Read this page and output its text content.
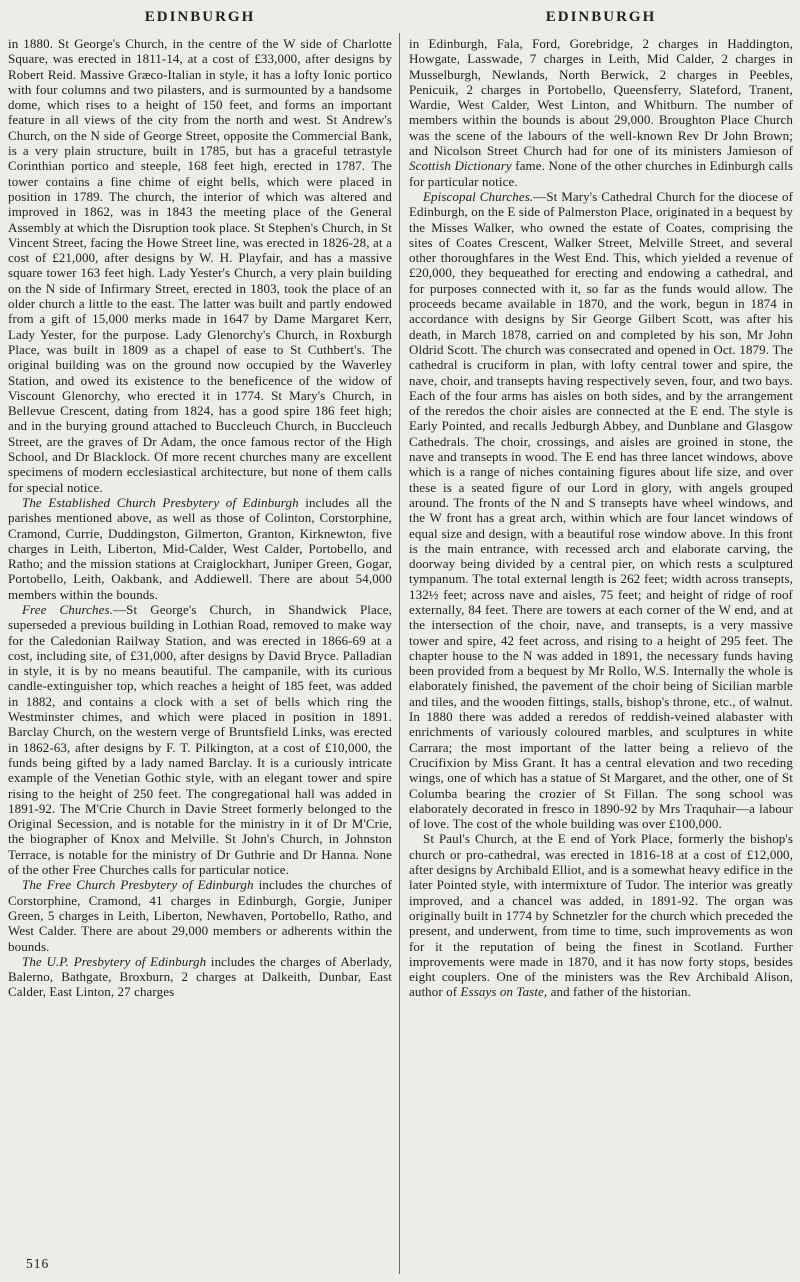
EDINBURGH	EDINBURGH

in 1880. St George's Church, in the centre of the W side of Charlotte Square, was erected in 1811-14, at a cost of £33,000, after designs by Robert Reid. Massive Græco-Italian in style, it has a lofty Ionic portico with four columns and two pilasters, and is surmounted by a handsome dome, which rises to a height of 150 feet, and forms an important feature in all views of the city from the north and west. St Andrew's Church, on the N side of George Street, opposite the Commercial Bank, is a very plain structure, built in 1785, but has a graceful tetrastyle Corinthian portico and steeple, 168 feet high, erected in 1787. The tower contains a fine chime of eight bells, which were placed in position in 1789. The church, the interior of which was altered and improved in 1862, was in 1843 the meeting place of the General Assembly at which the Disruption took place. St Stephen's Church, in St Vincent Street, facing the Howe Street line, was erected in 1826-28, at a cost of £21,000, after designs by W. H. Playfair, and has a massive square tower 163 feet high. Lady Yester's Church, a very plain building on the N side of Infirmary Street, erected in 1803, took the place of an older church a little to the east. The latter was built and partly endowed from a gift of 15,000 merks made in 1647 by Dame Margaret Kerr, Lady Yester, for the purpose. Lady Glenorchy's Church, in Roxburgh Place, was built in 1809 as a chapel of ease to St Cuthbert's. The original building was on the ground now occupied by the Waverley Station, and owed its existence to the beneficence of the widow of Viscount Glenorchy, who erected it in 1774. St Mary's Church, in Bellevue Crescent, dating from 1824, has a good spire 186 feet high; and in the burying ground attached to Buccleuch Church, in Buccleuch Street, are the graves of Dr Adam, the once famous rector of the High School, and Dr Blacklock. Of more recent churches many are excellent specimens of modern ecclesiastical architecture, but none of them calls for special notice.

The Established Church Presbytery of Edinburgh includes all the parishes mentioned above, as well as those of Colinton, Corstorphine, Cramond, Currie, Duddingston, Gilmerton, Granton, Kirknewton, five charges in Leith, Liberton, Mid-Calder, West Calder, Portobello, and Ratho; and the mission stations at Craiglockhart, Juniper Green, Gogar, Portobello, Leith, Oakbank, and Addiewell. There are about 54,000 members within the bounds.

Free Churches.—St George's Church, in Shandwick Place, superseded a previous building in Lothian Road, removed to make way for the Caledonian Railway Station, and was erected in 1866-69 at a cost, including site, of £31,000, after designs by David Bryce. Palladian in style, it is by no means beautiful. The campanile, with its curious candle-extinguisher top, which reaches a height of 185 feet, was added in 1882, and contains a clock with a set of bells which ring the Westminster chimes, and which were placed in position in 1891. Barclay Church, on the western verge of Bruntsfield Links, was erected in 1862-63, after designs by F. T. Pilkington, at a cost of £10,000, the funds being gifted by a lady named Barclay. It is a curiously intricate example of the Venetian Gothic style, with an elegant tower and spire rising to the height of 250 feet. The congregational hall was added in 1891-92. The M'Crie Church in Davie Street formerly belonged to the Original Secession, and is notable for the ministry in it of Dr M'Crie, the biographer of Knox and Melville. St John's Church, in Johnston Terrace, is notable for the ministry of Dr Guthrie and Dr Hanna. None of the other Free Churches calls for particular notice.

The Free Church Presbytery of Edinburgh includes the churches of Corstorphine, Cramond, 41 charges in Edinburgh, Gorgie, Juniper Green, 5 charges in Leith, Liberton, Newhaven, Portobello, Ratho, and West Calder. There are about 29,000 members or adherents within the bounds.

The U.P. Presbytery of Edinburgh includes the charges of Aberlady, Balerno, Bathgate, Broxburn, 2 charges at Dalkeith, Dunbar, East Calder, East Linton, 27 charges

in Edinburgh, Fala, Ford, Gorebridge, 2 charges in Haddington, Howgate, Lasswade, 7 charges in Leith, Mid Calder, 2 charges in Musselburgh, Newlands, North Berwick, 2 charges in Peebles, Penicuik, 2 charges in Portobello, Queensferry, Slateford, Tranent, Wardie, West Calder, West Linton, and Whitburn. The number of members within the bounds is about 29,000. Broughton Place Church was the scene of the labours of the well-known Rev Dr John Brown; and Nicolson Street Church had for one of its ministers Jamieson of Scottish Dictionary fame. None of the other churches in Edinburgh calls for particular notice.

Episcopal Churches.—St Mary's Cathedral Church for the diocese of Edinburgh, on the E side of Palmerston Place, originated in a bequest by the Misses Walker, who owned the estate of Coates, comprising the sites of Coates Crescent, Walker Street, Melville Street, and several other thoroughfares in the West End. This, which yielded a revenue of £20,000, they bequeathed for erecting and endowing a cathedral, and for purposes connected with it, so far as the funds would allow. The proceeds became available in 1870, and the work, begun in 1874 in accordance with designs by Sir George Gilbert Scott, was after his death, in March 1878, carried on and completed by his son, Mr John Oldrid Scott. The church was consecrated and opened in Oct. 1879. The cathedral is cruciform in plan, with lofty central tower and spire, the nave, choir, and transepts having respectively seven, four, and two bays. Each of the four arms has aisles on both sides, and by the arrangement of the reredos the choir aisles are connected at the E end. The style is Early Pointed, and recalls Jedburgh Abbey, and Dunblane and Glasgow Cathedrals. The choir, crossings, and aisles are groined in stone, the nave and transepts in wood. The E end has three lancet windows, above which is a range of niches containing figures about life size, and over these is a seated figure of our Lord in glory, with angels grouped around. The fronts of the N and S transepts have wheel windows, and the W front has a great arch, within which are four lancet windows of equal size and design, with a beautiful rose window above. In this front is the main entrance, with recessed arch and elaborate carving, the doorway being divided by a central pier, on which rests a sculptured tympanum. The total external length is 262 feet; width across transepts, 132½ feet; across nave and aisles, 75 feet; and height of ridge of roof externally, 84 feet. There are towers at each corner of the W end, and at the intersection of the choir, nave, and transepts, is a very massive tower and spire, 42 feet across, and rising to a height of 295 feet. The chapter house to the N was added in 1891, the necessary funds having been provided from a bequest by Mr Rollo, W.S. Internally the whole is elaborately finished, the pavement of the choir being of Sicilian marble and tiles, and the wooden fittings, stalls, bishop's throne, etc., of walnut. In 1880 there was added a reredos of reddish-veined alabaster with enrichments of variously coloured marbles, and sculptures in white Carrara; the most important of the latter being a relievo of the Crucifixion by Miss Grant. It has a central elevation and two receding wings, one of which has a statue of St Margaret, and the other, one of St Columba bearing the crozier of St Fillan. The song school was elaborately decorated in fresco in 1890-92 by Mrs Traquhair—a labour of love. The cost of the whole building was over £100,000.

St Paul's Church, at the E end of York Place, formerly the bishop's church or pro-cathedral, was erected in 1816-18 at a cost of £12,000, after designs by Archibald Elliot, and is a somewhat heavy edifice in the later Pointed style, with intermixture of Tudor. The interior was greatly improved, and a chancel was added, in 1891-92. The organ was originally built in 1774 by Schnetzler for the church which preceded the present, and underwent, from time to time, such improvements as won for it the reputation of being the finest in Scotland. Further improvements were made in 1870, and it has now forty stops, besides eight couplers. One of the ministers was the Rev Archibald Alison, author of Essays on Taste, and father of the historian.

516
